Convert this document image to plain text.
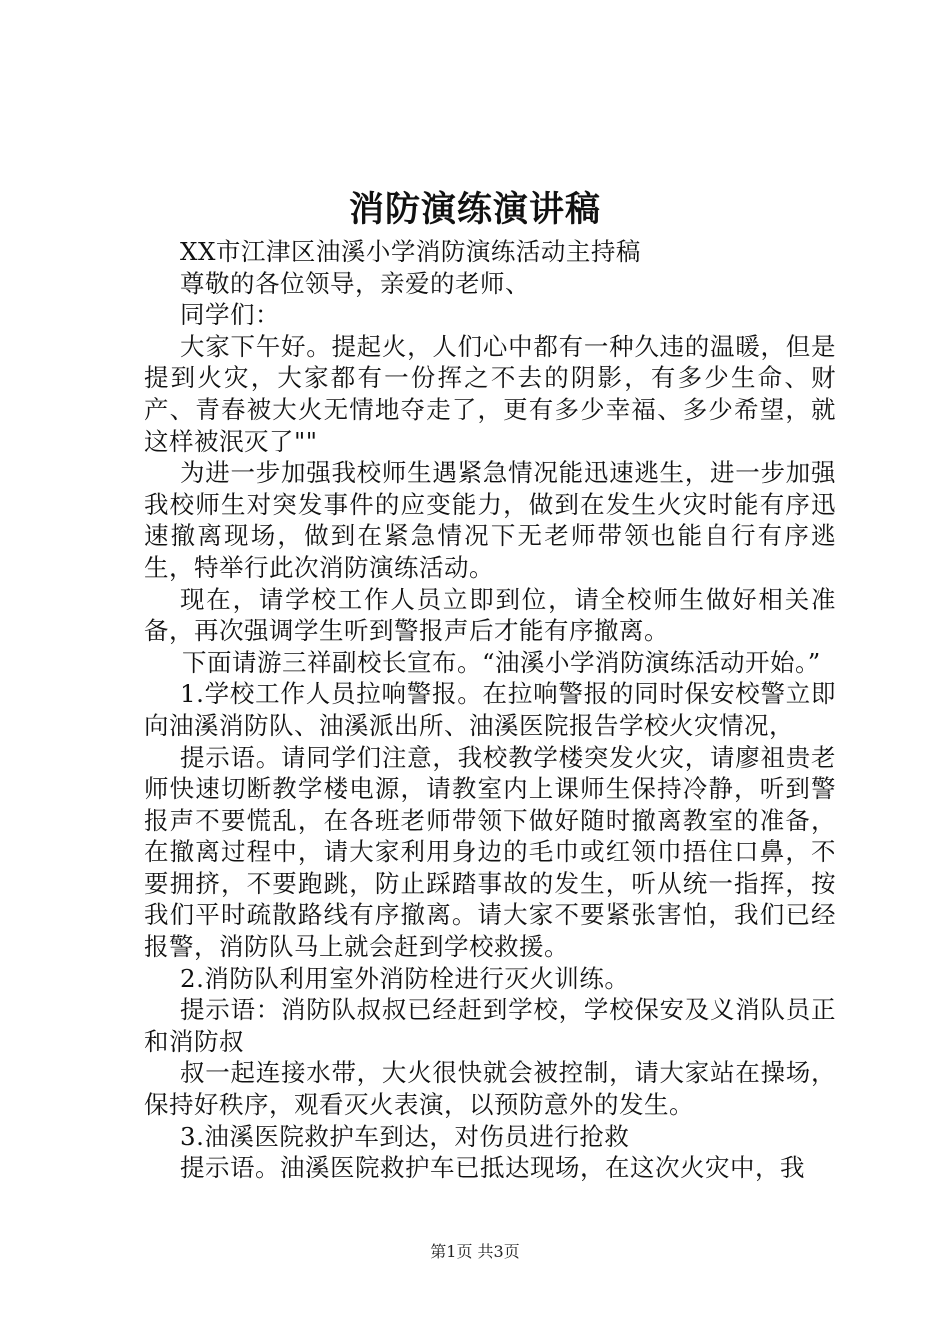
消防演练演讲稿

XX市江津区油溪小学消防演练活动主持稿

尊敬的各位领导，亲爱的老师、

同学们：

大家下午好。提起火，人们心中都有一种久违的温暖，但是提到火灾，大家都有一份挥之不去的阴影，有多少生命、财产、青春被大火无情地夺走了，更有多少幸福、多少希望，就这样被泯灭了""

为进一步加强我校师生遇紧急情况能迅速逃生，进一步加强我校师生对突发事件的应变能力，做到在发生火灾时能有序迅速撤离现场，做到在紧急情况下无老师带领也能自行有序逃生，特举行此次消防演练活动。

现在，请学校工作人员立即到位，请全校师生做好相关准备，再次强调学生听到警报声后才能有序撤离。

下面请游三祥副校长宣布。“油溪小学消防演练活动开始。”

1.学校工作人员拉响警报。在拉响警报的同时保安校警立即向油溪消防队、油溪派出所、油溪医院报告学校火灾情况，

提示语。请同学们注意，我校教学楼突发火灾，请廖祖贵老师快速切断教学楼电源，请教室内上课师生保持冷静，听到警报声不要慌乱，在各班老师带领下做好随时撤离教室的准备，在撤离过程中，请大家利用身边的毛巾或红领巾捂住口鼻，不要拥挤，不要跑跳，防止踩踏事故的发生，听从统一指挥，按我们平时疏散路线有序撤离。请大家不要紧张害怕，我们已经报警，消防队马上就会赶到学校救援。

2.消防队利用室外消防栓进行灭火训练。

提示语：消防队叔叔已经赶到学校，学校保安及义消队员正和消防叔

叔一起连接水带，大火很快就会被控制，请大家站在操场，保持好秩序，观看灭火表演，以预防意外的发生。

3.油溪医院救护车到达，对伤员进行抢救

提示语。油溪医院救护车已抵达现场，在这次火灾中，我

第1页 共3页
